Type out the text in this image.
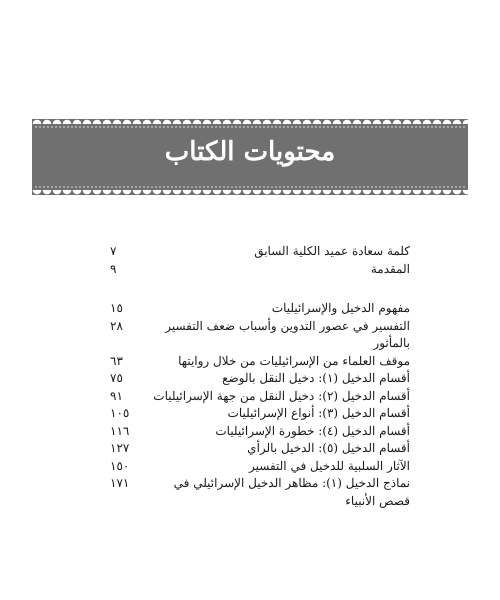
محتويات الكتاب
كلمة سعادة عميد الكلية السابق
٧
المقدمة
٩
مفهوم الدخيل والإسرائيليات
١٥
التفسير في عصور التدوين وأسباب ضعف التفسير بالمأثور
٢٨
موقف العلماء من الإسرائيليات من خلال روايتها
٦٣
أقسام الدخيل (١): دخيل النقل بالوضع
٧٥
أقسام الدخيل (٢): دخيل النقل من جهة الإسرائيليات
٩١
أقسام الدخيل (٣): أنواع الإسرائيليات
١٠٥
أقسام الدخيل (٤): خطورة الإسرائيليات
١١٦
أقسام الدخيل (٥): الدخيل بالرأي
١٢٧
الآثار السلبية للدخيل في التفسير
١٥٠
نماذج الدخيل (١): مظاهر الدخيل الإسرائيلي في قصص الأنبياء
١٧١
